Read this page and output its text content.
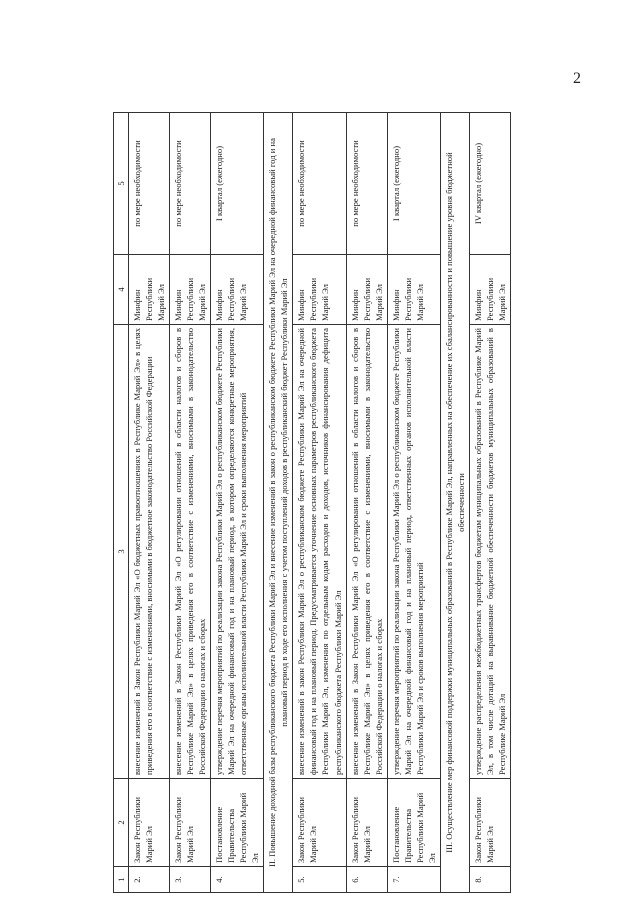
2
1	2	3	4	5
2.	Закон Республики Марий Эл	внесение изменений в Закон Республики Марий Эл «О бюджетных правоотношениях в Республике Марий Эл» в целях приведения его в соответствие с изменениями, вносимыми в бюджетное законодательство Российской Федерации	Минфин Республики Марий Эл	по мере необходимости
3.	Закон Республики Марий Эл	внесение изменений в Закон Республики Марий Эл «О регулировании отношений в области налогов и сборов в Республике Марий Эл» в целях приведения его в соответствие с изменениями, вносимыми в законодательство Российской Федерации о налогах и сборах	Минфин Республики Марий Эл	по мере необходимости
4.	Постановление Правительства Республики Марий Эл	утверждение перечня мероприятий по реализации закона Республики Марий Эл о республиканском бюджете Республики Марий Эл на очередной финансовый год и на плановый период, в котором определяются конкретные мероприятия, ответственные органы исполнительной власти Республики Марий Эл и сроки выполнения мероприятий	Минфин Республики Марий Эл	I квартал (ежегодно)
II. Повышение доходной базы республиканского бюджета Республики Марий Эл и внесение изменений в закон о республиканском бюджете Республики Марий Эл на очередной финансовый год и на плановый период в ходе его исполнения с учетом поступлений доходов в республиканский бюджет Республики Марий Эл				
5.	Закон Республики Марий Эл	внесение изменений в закон Республики Марий Эл о республиканском бюджете Республики Марий Эл на очередной финансовый год и на плановый период. Предусматривается уточнение основных параметров республиканского бюджета Республики Марий Эл, изменения по отдельным кодам расходов и доходов, источников финансирования дефицита республиканского бюджета Республики Марий Эл	Минфин Республики Марий Эл	по мере необходимости
6.	Закон Республики Марий Эл	внесение изменений в Закон Республики Марий Эл «О регулировании отношений в области налогов и сборов в Республике Марий Эл» в целях приведения его в соответствие с изменениями, вносимыми в законодательство Российской Федерации о налогах и сборах	Минфин Республики Марий Эл	по мере необходимости
7.	Постановление Правительства Республики Марий Эл	утверждение перечня мероприятий по реализации закона Республики Марий Эл о республиканском бюджете Республики Марий Эл на очередной финансовый год и на плановый период, ответственных органов исполнительной власти Республики Марий Эл и сроков выполнения мероприятий	Минфин Республики Марий Эл	I квартал (ежегодно)
III. Осуществление мер финансовой поддержки муниципальных образований в Республике Марий Эл, направленных на обеспечение их сбалансированности и повышение уровня бюджетной обеспеченности				
8.	Закон Республики Марий Эл	утверждение распределения межбюджетных трансфертов бюджетам муниципальных образований в Республике Марий Эл, в том числе дотаций на выравнивание бюджетной обеспеченности бюджетов муниципальных образований в Республике Марий Эл	Минфин Республики Марий Эл	IV квартал (ежегодно)
